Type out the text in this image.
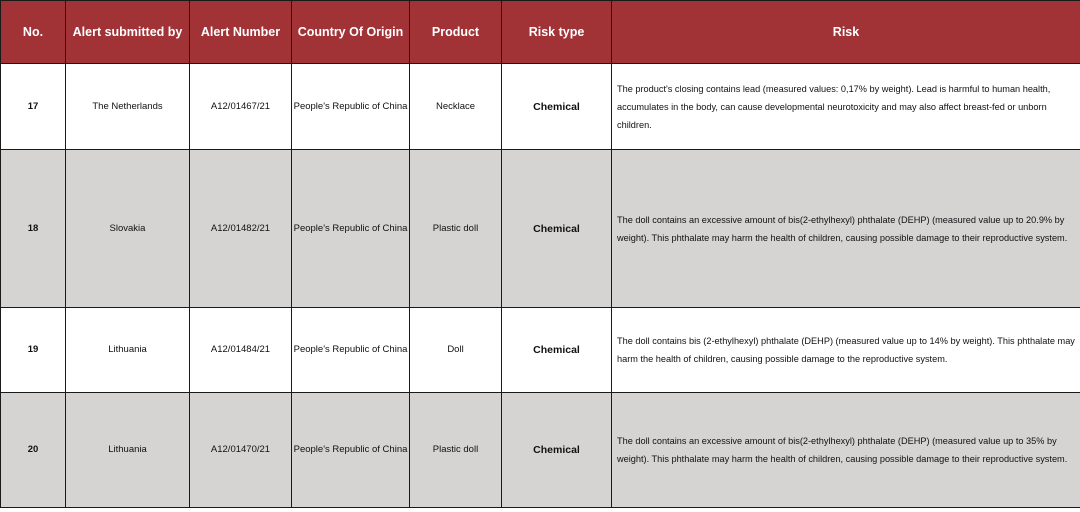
No.	Alert submitted by	Alert Number	Country Of Origin	Product	Risk type	Risk
17	The Netherlands	A12/01467/21	People's Republic of China	Necklace	Chemical	The product's closing contains lead (measured values: 0,17% by weight). Lead is harmful to human health, accumulates in the body, can cause developmental neurotoxicity and may also affect breast-fed or unborn children.
18	Slovakia	A12/01482/21	People's Republic of China	Plastic doll	Chemical	The doll contains an excessive amount of bis(2-ethylhexyl) phthalate (DEHP) (measured value up to 20.9% by weight). This phthalate may harm the health of children, causing possible damage to their reproductive system.
19	Lithuania	A12/01484/21	People's Republic of China	Doll	Chemical	The doll contains bis (2-ethylhexyl) phthalate (DEHP) (measured value up to 14% by weight). This phthalate may harm the health of children, causing possible damage to the reproductive system.
20	Lithuania	A12/01470/21	People's Republic of China	Plastic doll	Chemical	The doll contains an excessive amount of bis(2-ethylhexyl) phthalate (DEHP) (measured value up to 35% by weight). This phthalate may harm the health of children, causing possible damage to their reproductive system.
